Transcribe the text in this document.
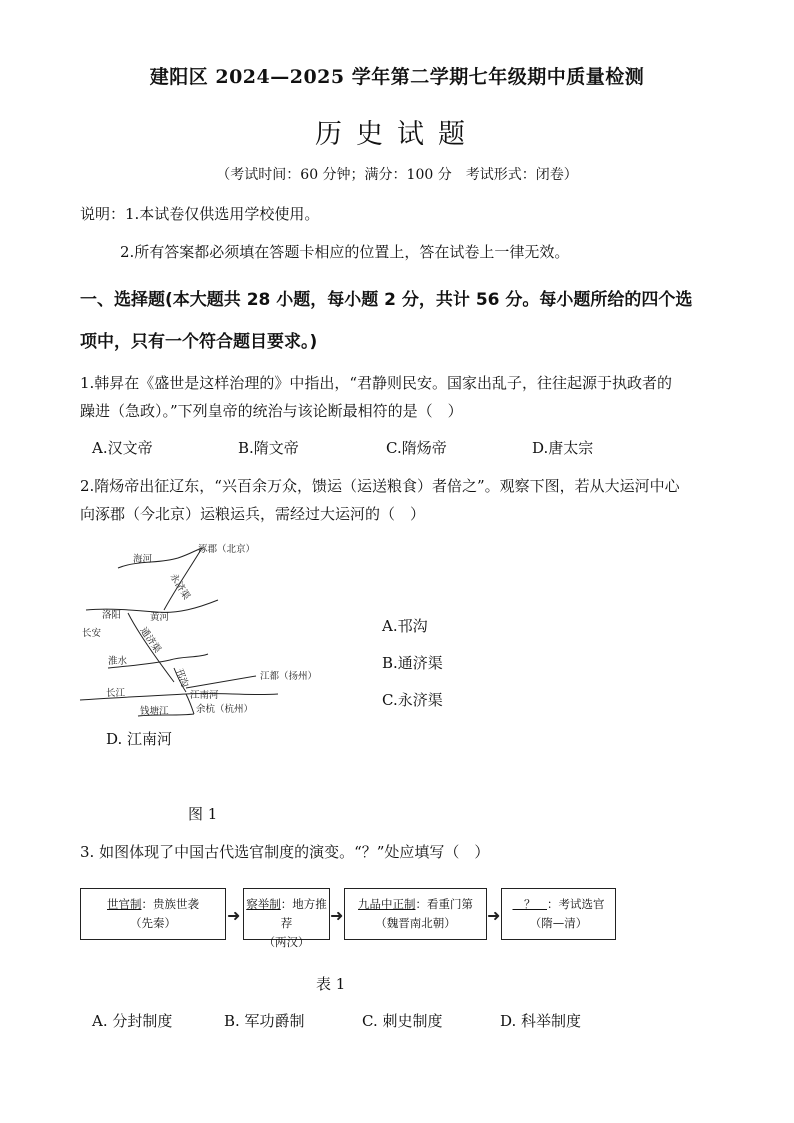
建阳区 2024—2025 学年第二学期七年级期中质量检测
历史试题
（考试时间：60 分钟；满分：100 分　考试形式：闭卷）
说明：1.本试卷仅供选用学校使用。
2.所有答案都必须填在答题卡相应的位置上，答在试卷上一律无效。
一、选择题(本大题共 28 小题，每小题 2 分，共计 56 分。每小题所给的四个选
项中，只有一个符合题目要求。)
1.韩昇在《盛世是这样治理的》中指出，“君静则民安。国家出乱子，往往起源于执政者的
躁进（急政）。”下列皇帝的统治与该论断最相符的是（　）
A.汉文帝	B.隋文帝	C.隋炀帝	D.唐太宗
2.隋炀帝出征辽东，“兴百余万众，馈运（运送粮食）者倍之”。观察下图，若从大运河中心
向涿郡（今北京）运粮运兵，需经过大运河的（　）
涿郡（北京）
海河
永济渠
黄河
洛阳
长安	通济渠
淮水
邗沟	江都（扬州）
长江	江南河
钱塘江	余杭（杭州）
A.邗沟
B.通济渠
C.永济渠
D. 江南河
图 1
3. 如图体现了中国古代选官制度的演变。“？”处应填写（　）
世官制：贵族世袭
（先秦）	➜
察举制：地方推荐
（两汉）
➜
九品中正制：看重门第
（魏晋南北朝）	➜
　？　：考试选官
（隋—清）
表 1
A. 分封制度	B. 军功爵制	C. 刺史制度	D. 科举制度
